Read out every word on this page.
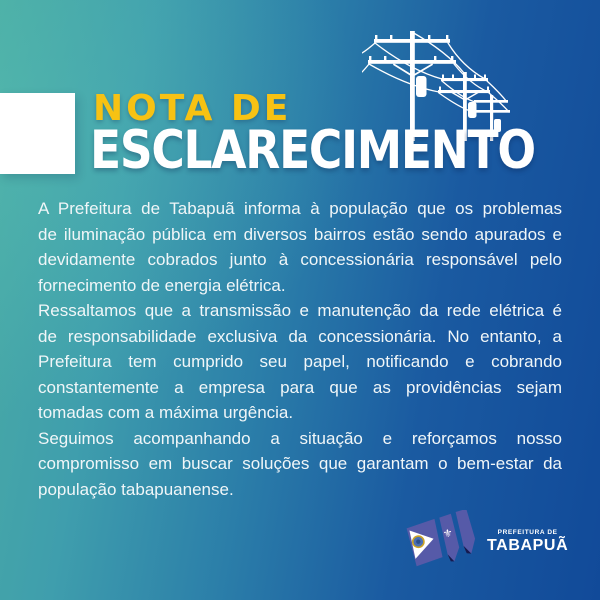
NOTA DE
ESCLARECIMENTO
A Prefeitura de Tabapuã informa à população que os problemas
de iluminação pública em diversos bairros estão sendo apurados e
devidamente cobrados junto à concessionária responsável pelo
fornecimento de energia elétrica.
Ressaltamos que a transmissão e manutenção da rede elétrica é
de responsabilidade exclusiva da concessionária. No entanto, a
Prefeitura tem cumprido seu papel, notificando e cobrando
constantemente a empresa para que as providências sejam
tomadas com a máxima urgência.
Seguimos acompanhando a situação e reforçamos nosso
compromisso em buscar soluções que garantam o bem-estar da
população tabapuanense.
⚜	PREFEITURA DE
TABAPUÃ
